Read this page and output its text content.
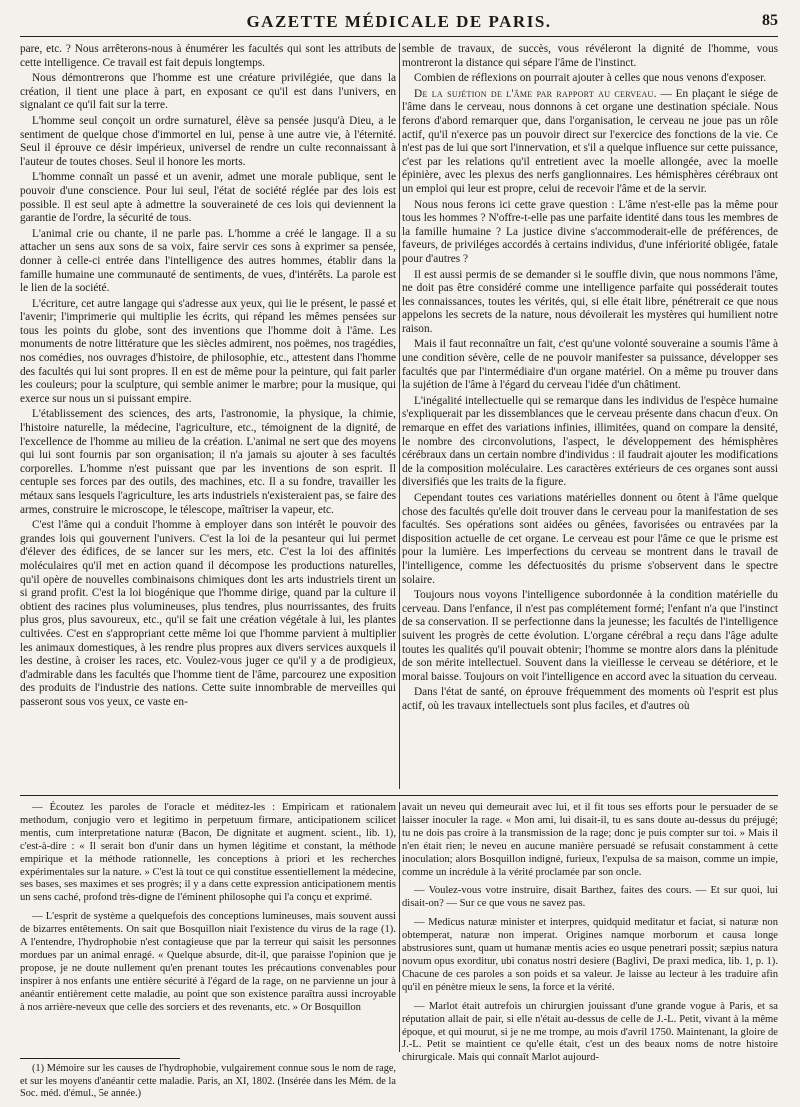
GAZETTE MÉDICALE DE PARIS.	85

pare, etc. ? Nous arrêterons-nous à énumérer les facultés qui sont les attributs de cette intelligence. Ce travail est fait depuis longtemps.

Nous démontrerons que l'homme est une créature privilégiée, que dans la création, il tient une place à part, en exposant ce qu'il est dans l'univers, en signalant ce qu'il fait sur la terre.

L'homme seul conçoit un ordre surnaturel, élève sa pensée jusqu'à Dieu, a le sentiment de quelque chose d'immortel en lui, pense à une autre vie, à l'éternité. Seul il éprouve ce désir impérieux, universel de rendre un culte reconnaissant à l'auteur de toutes choses. Seul il honore les morts.

L'homme connaît un passé et un avenir, admet une morale publique, sent le pouvoir d'une conscience. Pour lui seul, l'état de société réglée par des lois est possible. Il est seul apte à admettre la souveraineté de ces lois qui deviennent la garantie de l'ordre, la sécurité de tous.

L'animal crie ou chante, il ne parle pas. L'homme a créé le langage. Il a su attacher un sens aux sons de sa voix, faire servir ces sons à exprimer sa pensée, donner à celle-ci entrée dans l'intelligence des autres hommes, établir dans la famille humaine une communauté de sentiments, de vues, d'intérêts. La parole est le lien de la société.

L'écriture, cet autre langage qui s'adresse aux yeux, qui lie le présent, le passé et l'avenir; l'imprimerie qui multiplie les écrits, qui répand les mêmes pensées sur tous les points du globe, sont des inventions que l'homme doit à l'âme. Les monuments de notre littérature que les siècles admirent, nos poëmes, nos tragédies, nos comédies, nos ouvrages d'histoire, de philosophie, etc., attestent dans l'homme des facultés qui lui sont propres. Il en est de même pour la peinture, qui fait parler les couleurs; pour la sculpture, qui semble animer le marbre; pour la musique, qui exerce sur nous un si puissant empire.

L'établissement des sciences, des arts, l'astronomie, la physique, la chimie, l'histoire naturelle, la médecine, l'agriculture, etc., témoignent de la dignité, de l'excellence de l'homme au milieu de la création. L'animal ne sert que des moyens qui lui sont fournis par son organisation; il n'a jamais su ajouter à ses facultés corporelles. L'homme n'est puissant que par les inventions de son esprit. Il centuple ses forces par des outils, des machines, etc. Il a su fondre, travailler les métaux sans lesquels l'agriculture, les arts industriels n'existeraient pas, se faire des armes, construire le microscope, le télescope, maîtriser la vapeur, etc.

C'est l'âme qui a conduit l'homme à employer dans son intérêt le pouvoir des grandes lois qui gouvernent l'univers. C'est la loi de la pesanteur qui lui permet d'élever des édifices, de se lancer sur les mers, etc. C'est la loi des affinités moléculaires qu'il met en action quand il décompose les productions naturelles, qu'il opère de nouvelles combinaisons chimiques dont les arts industriels tirent un si grand profit. C'est la loi biogénique que l'homme dirige, quand par la culture il obtient des racines plus volumineuses, plus tendres, plus nourrissantes, des fruits plus gros, plus savoureux, etc., qu'il se fait une création végétale à lui, les plantes cultivées. C'est en s'appropriant cette même loi que l'homme parvient à multiplier les animaux domestiques, à les rendre plus propres aux divers services auxquels il les destine, à croiser les races, etc. Voulez-vous juger ce qu'il y a de prodigieux, d'admirable dans les facultés que l'homme tient de l'âme, parcourez une exposition des produits de l'industrie des nations. Cette suite innombrable de merveilles qui passeront sous vos yeux, ce vaste en-

semble de travaux, de succès, vous révéleront la dignité de l'homme, vous montreront la distance qui sépare l'âme de l'instinct.

Combien de réflexions on pourrait ajouter à celles que nous venons d'exposer.

De la sujétion de l'âme par rapport au cerveau. — En plaçant le siége de l'âme dans le cerveau, nous donnons à cet organe une destination spéciale. Nous ferons d'abord remarquer que, dans l'organisation, le cerveau ne joue pas un rôle actif, qu'il n'exerce pas un pouvoir direct sur l'exercice des fonctions de la vie. Ce n'est pas de lui que sort l'innervation, et s'il a quelque influence sur cette puissance, c'est par les relations qu'il entretient avec la moelle allongée, avec la moelle épinière, avec les plexus des nerfs ganglionnaires. Les hémisphères cérébraux ont un emploi qui leur est propre, celui de recevoir l'âme et de la servir.

Nous nous ferons ici cette grave question : L'âme n'est-elle pas la même pour tous les hommes ? N'offre-t-elle pas une parfaite identité dans tous les membres de la famille humaine ? La justice divine s'accommoderait-elle de préférences, de faveurs, de priviléges accordés à certains individus, d'une infériorité obligée, fatale pour d'autres ?

Il est aussi permis de se demander si le souffle divin, que nous nommons l'âme, ne doit pas être considéré comme une intelligence parfaite qui posséderait toutes les connaissances, toutes les vérités, qui, si elle était libre, pénétrerait ce que nous appelons les secrets de la nature, nous dévoilerait les mystères qui humilient notre raison.

Mais il faut reconnaître un fait, c'est qu'une volonté souveraine a soumis l'âme à une condition sévère, celle de ne pouvoir manifester sa puissance, développer ses facultés que par l'intermédiaire d'un organe matériel. On a même pu trouver dans la sujétion de l'âme à l'égard du cerveau l'idée d'un châtiment.

L'inégalité intellectuelle qui se remarque dans les individus de l'espèce humaine s'expliquerait par les dissemblances que le cerveau présente dans chacun d'eux. On remarque en effet des variations infinies, illimitées, quand on compare la densité, le nombre des circonvolutions, l'aspect, le développement des hémisphères cérébraux dans un certain nombre d'individus : il faudrait ajouter les modifications de la composition moléculaire. Les caractères extérieurs de ces organes sont aussi diversifiés que les traits de la figure.

Cependant toutes ces variations matérielles donnent ou ôtent à l'âme quelque chose des facultés qu'elle doit trouver dans le cerveau pour la manifestation de ses facultés. Ses opérations sont aidées ou gênées, favorisées ou entravées par la disposition actuelle de cet organe. Le cerveau est pour l'âme ce que le prisme est pour la lumière. Les imperfections du cerveau se montrent dans le travail de l'intelligence, comme les défectuosités du prisme s'observent dans le spectre solaire.

Toujours nous voyons l'intelligence subordonnée à la condition matérielle du cerveau. Dans l'enfance, il n'est pas complétement formé; l'enfant n'a que l'instinct de sa conservation. Il se perfectionne dans la jeunesse; les facultés de l'intelligence suivent les progrès de cette évolution. L'organe cérébral a reçu dans l'âge adulte toutes les qualités qu'il pouvait obtenir; l'homme se montre alors dans la plénitude de son mérite intellectuel. Souvent dans la vieillesse le cerveau se détériore, et le moral baisse. Toujours on voit l'intelligence en accord avec la situation du cerveau.

Dans l'état de santé, on éprouve fréquemment des moments où l'esprit est plus actif, où les travaux intellectuels sont plus faciles, et d'autres où

— Écoutez les paroles de l'oracle et méditez-les : Empiricam et rationalem methodum, conjugio vero et legitimo in perpetuum firmare, anticipationem scilicet mentis, cum interpretatione naturæ (Bacon, De dignitate et augment. scient., lib. 1), c'est-à-dire : « Il serait bon d'unir dans un hymen légitime et constant, la méthode empirique et la méthode rationnelle, les conceptions à priori et les recherches expérimentales sur la nature. » C'est là tout ce qui constitue essentiellement la médecine, ses bases, ses maximes et ses progrès; il y a dans cette expression anticipationem mentis un sens caché, profond très-digne de l'éminent philosophe qui l'a conçu et exprimé.

— L'esprit de système a quelquefois des conceptions lumineuses, mais souvent aussi de bizarres entêtements. On sait que Bosquillon niait l'existence du virus de la rage (1). A l'entendre, l'hydrophobie n'est contagieuse que par la terreur qui saisit les personnes mordues par un animal enragé. « Quelque absurde, dit-il, que paraisse l'opinion que je propose, je ne doute nullement qu'en prenant toutes les précautions convenables pour inspirer à nos enfants une entière sécurité à l'égard de la rage, on ne parvienne un jour à anéantir entièrement cette maladie, au point que son existence paraîtra aussi incroyable à nos arrière-neveux que celle des sorciers et des revenants, etc. » Or Bosquillon

avait un neveu qui demeurait avec lui, et il fit tous ses efforts pour le persuader de se laisser inoculer la rage. « Mon ami, lui disait-il, tu es sans doute au-dessus du préjugé; tu ne dois pas croire à la transmission de la rage; donc je puis compter sur toi. » Mais il n'en était rien; le neveu en aucune manière persuadé se refusait constamment à cette inoculation; alors Bosquillon indigné, furieux, l'expulsa de sa maison, comme un impie, comme un incrédule à la vérité proclamée par son oncle.

— Voulez-vous votre instruire, disait Barthez, faites des cours. — Et sur quoi, lui disait-on? — Sur ce que vous ne savez pas.

— Medicus naturæ minister et interpres, quidquid meditatur et faciat, si naturæ non obtemperat, naturæ non imperat. Origines namque morborum et causa longe abstrusiores sunt, quam ut humanæ mentis acies eo usque penetrari possit; sæpius natura novum opus exorditur, ubi conatus nostri desiere (Baglivi, De praxi medica, lib. 1, p. 1). Chacune de ces paroles a son poids et sa valeur. Je laisse au lecteur à les traduire afin qu'il en pénètre mieux le sens, la force et la vérité.

— Marlot était autrefois un chirurgien jouissant d'une grande vogue à Paris, et sa réputation allait de pair, si elle n'était au-dessus de celle de J.-L. Petit, vivant à la même époque, et qui mourut, si je ne me trompe, au mois d'avril 1750. Maintenant, la gloire de J.-L. Petit se maintient ce qu'elle était, c'est un des beaux noms de notre histoire chirurgicale. Mais qui connaît Marlot aujourd-

(1) Mémoire sur les causes de l'hydrophobie, vulgairement connue sous le nom de rage, et sur les moyens d'anéantir cette maladie. Paris, an XI, 1802. (Insérée dans les Mém. de la Soc. méd. d'émul., 5e année.)
